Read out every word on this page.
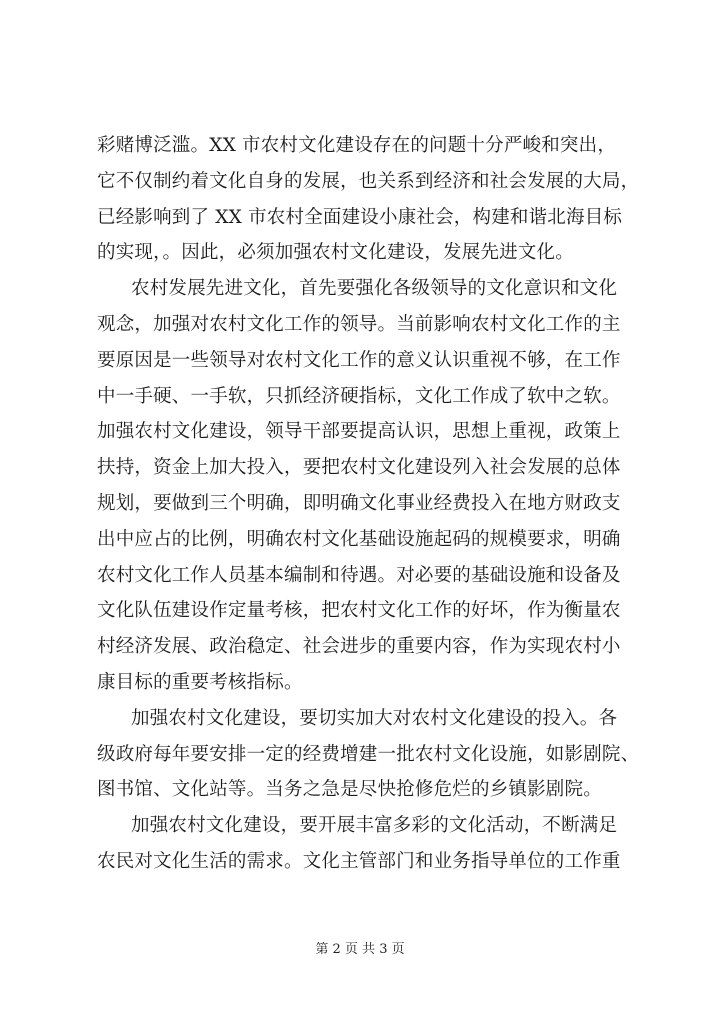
彩赌博泛滥。XX 市农村文化建设存在的问题十分严峻和突出，
它不仅制约着文化自身的发展，也关系到经济和社会发展的大局，
已经影响到了 XX 市农村全面建设小康社会，构建和谐北海目标
的实现，。因此，必须加强农村文化建设，发展先进文化。
农村发展先进文化，首先要强化各级领导的文化意识和文化
观念，加强对农村文化工作的领导。当前影响农村文化工作的主
要原因是一些领导对农村文化工作的意义认识重视不够，在工作
中一手硬、一手软，只抓经济硬指标，文化工作成了软中之软。
加强农村文化建设，领导干部要提高认识，思想上重视，政策上
扶持，资金上加大投入，要把农村文化建设列入社会发展的总体
规划，要做到三个明确，即明确文化事业经费投入在地方财政支
出中应占的比例，明确农村文化基础设施起码的规模要求，明确
农村文化工作人员基本编制和待遇。对必要的基础设施和设备及
文化队伍建设作定量考核，把农村文化工作的好坏，作为衡量农
村经济发展、政治稳定、社会进步的重要内容，作为实现农村小
康目标的重要考核指标。
加强农村文化建设，要切实加大对农村文化建设的投入。各
级政府每年要安排一定的经费增建一批农村文化设施，如影剧院、
图书馆、文化站等。当务之急是尽快抢修危烂的乡镇影剧院。
加强农村文化建设，要开展丰富多彩的文化活动，不断满足
农民对文化生活的需求。文化主管部门和业务指导单位的工作重
第 2 页 共 3 页
